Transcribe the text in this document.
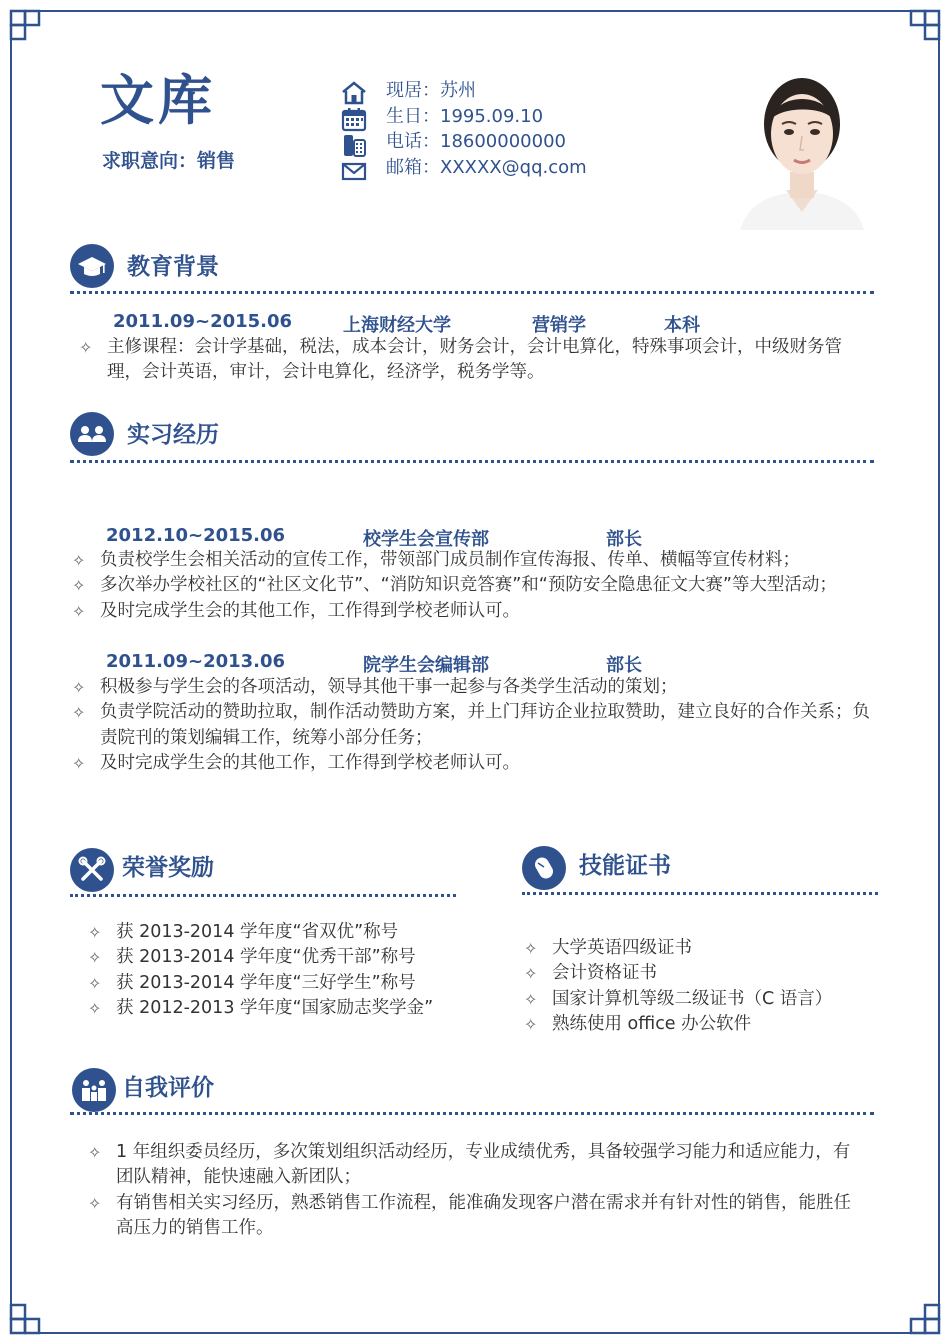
文库
求职意向：销售
现居：苏州
生日：1995.09.10
电话：18600000000
邮箱：XXXXX@qq.com
教育背景
2011.09~2015.06	上海财经大学	营销学	本科
✧ 主修课程：会计学基础，税法，成本会计，财务会计，会计电算化，特殊事项会计，中级财务管理，会计英语，审计，会计电算化，经济学，税务学等。
实习经历
2012.10~2015.06	校学生会宣传部	部长
✧ 负责校学生会相关活动的宣传工作，带领部门成员制作宣传海报、传单、横幅等宣传材料；
✧ 多次举办学校社区的“社区文化节”、“消防知识竞答赛”和“预防安全隐患征文大赛”等大型活动；
✧ 及时完成学生会的其他工作，工作得到学校老师认可。
2011.09~2013.06	院学生会编辑部	部长
✧ 积极参与学生会的各项活动，领导其他干事一起参与各类学生活动的策划；
✧ 负责学院活动的赞助拉取，制作活动赞助方案，并上门拜访企业拉取赞助，建立良好的合作关系；负责院刊的策划编辑工作，统筹小部分任务；
✧ 及时完成学生会的其他工作，工作得到学校老师认可。
荣誉奖励
✧ 获 2013-2014 学年度“省双优”称号
✧ 获 2013-2014 学年度“优秀干部”称号
✧ 获 2013-2014 学年度“三好学生”称号
✧ 获 2012-2013 学年度“国家励志奖学金”
技能证书
✧ 大学英语四级证书
✧ 会计资格证书
✧ 国家计算机等级二级证书（C 语言）
✧ 熟练使用 office 办公软件
自我评价
✧ 1 年组织委员经历，多次策划组织活动经历，专业成绩优秀，具备较强学习能力和适应能力，有团队精神，能快速融入新团队；
✧ 有销售相关实习经历，熟悉销售工作流程，能准确发现客户潜在需求并有针对性的销售，能胜任高压力的销售工作。
